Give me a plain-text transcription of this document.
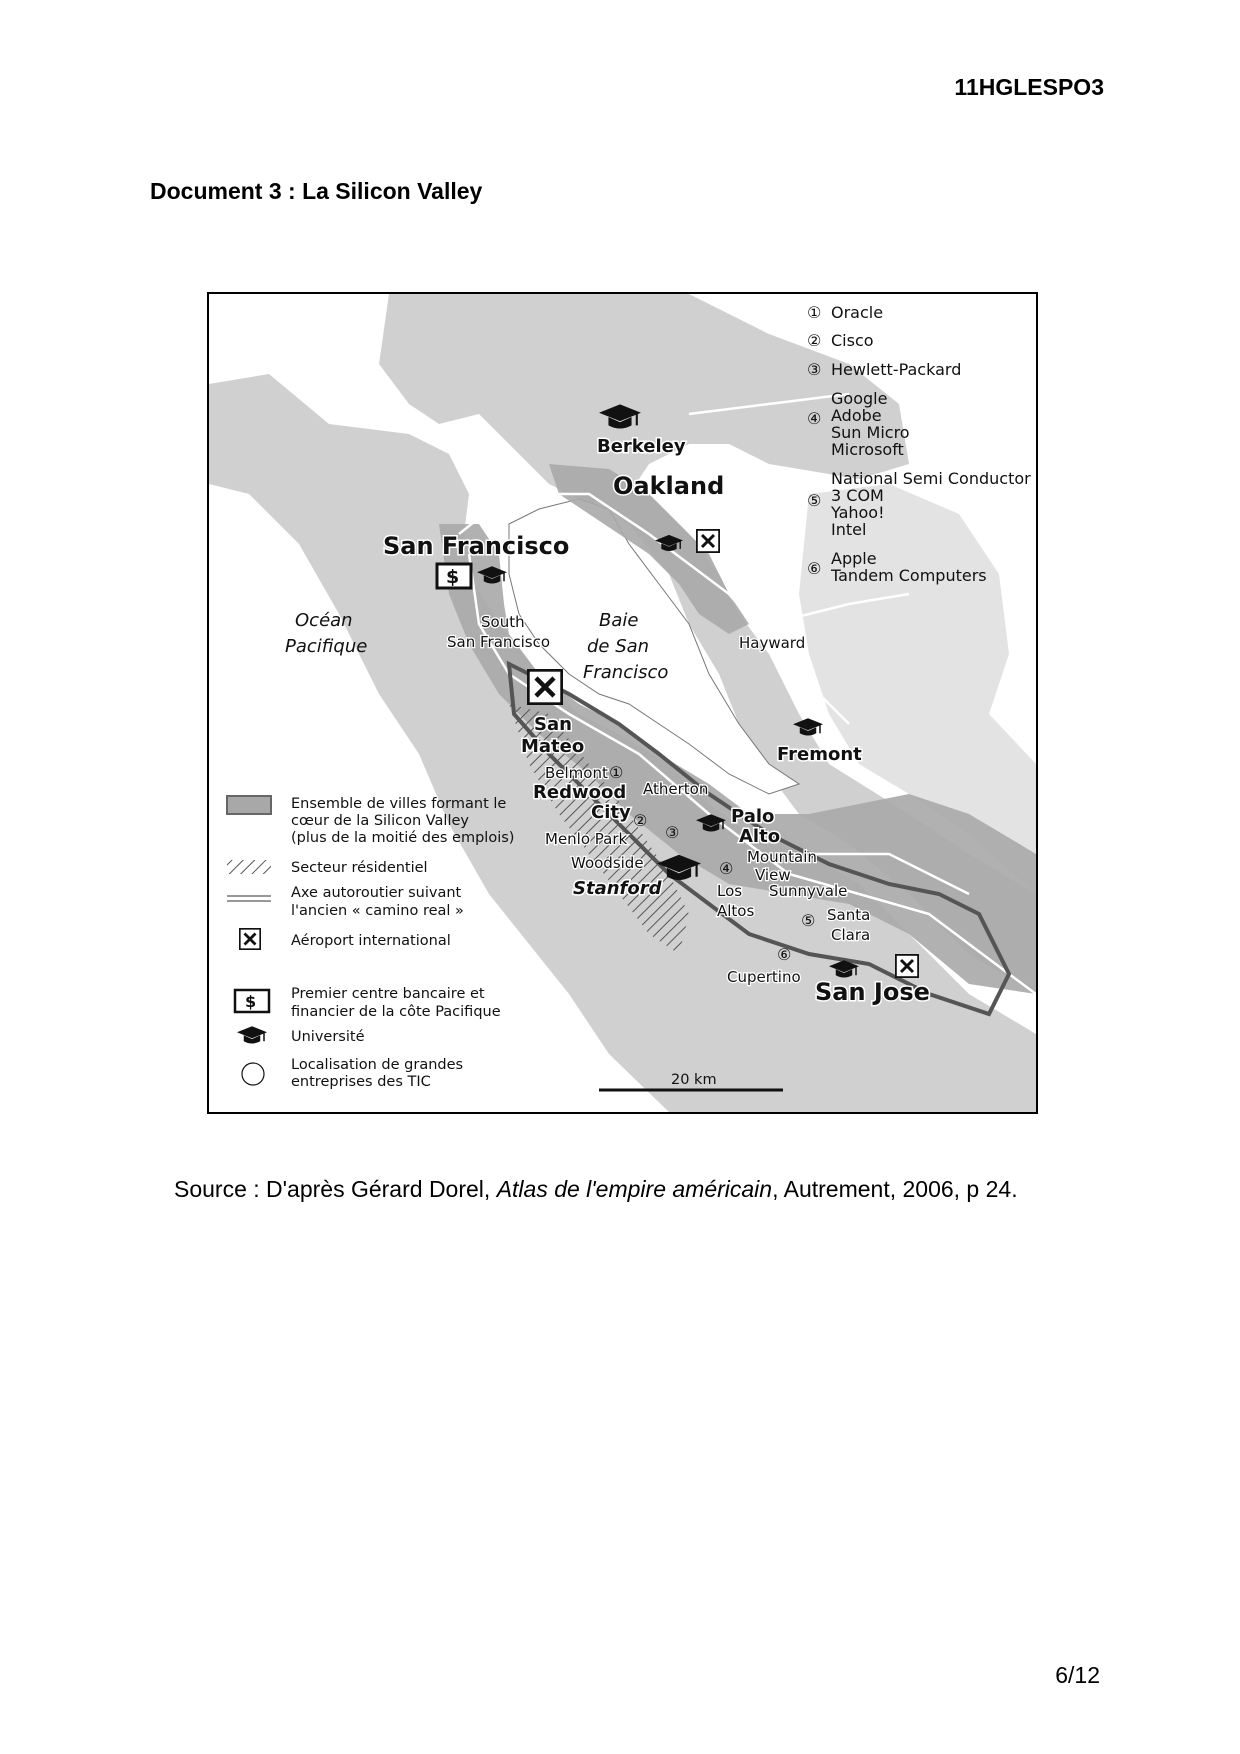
11HGLESPO3
Document 3 : La Silicon Valley
① Oracle
② Cisco
③ Hewlett-Packard
④
Google
Adobe
Sun Micro
Microsoft
⑤
National Semi Conductor
3 COM
Yahoo!
Intel
⑥
Apple
Tandem Computers
Océan
Pacifique
Baie
de San
Francisco
$
①
②
③
④
⑤
⑥
Berkeley
Oakland
San Francisco
South
San Francisco	Hayward
Fremont
San
Mateo
Belmont
Redwood
City
Atherton
Palo
Alto
Menlo Park
Woodside	Mountain
View
Stanford	Los
Altos
Sunnyvale
Santa
Clara
Cupertino
San Jose
Ensemble de villes formant le
cœur de la Silicon Valley
(plus de la moitié des emplois)
Secteur résidentiel
Axe autoroutier suivant
l'ancien « camino real »
Aéroport international
$ Premier centre bancaire et
financier de la côte Pacifique
Université
Localisation de grandes
entreprises des TIC	20 km
Source : D'après Gérard Dorel, Atlas de l'empire américain, Autrement, 2006, p 24.
6/12
